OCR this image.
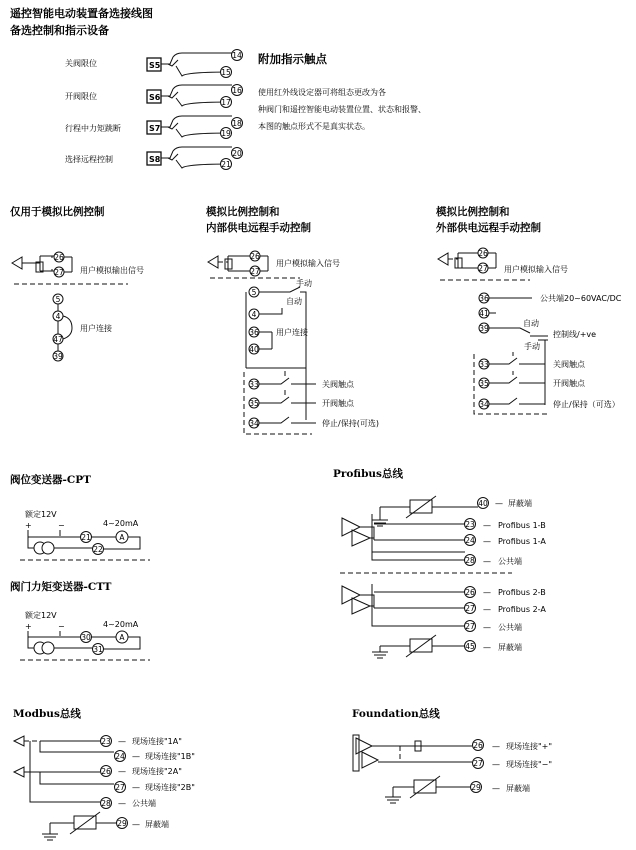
遥控智能电动装置备选接线图
备选控制和指示设备
关阀限位	S5
14
15
开阀限位	S6
16
17
行程中力矩跳断	S7
18
19
选择远程控制	S8
20
21
附加指示触点
使用红外线设定器可将组态更改为各
种阀门和遥控智能电动装置位置、状态和报警、
本图的触点形式不是真实状态。
仅用于模拟比例控制
26
27 用户模拟输出信号
5
4
47
39
用户连接
模拟比例控制和
内部供电远程手动控制
26
27
用户模拟输入信号
5
手动
自动
4
36
40
用户连接
33	关阀触点
35	开阀触点
34	停止/保持(可选)
模拟比例控制和
外部供电远程手动控制
26
27 用户模拟输入信号
36	公共端20~60VAC/DC
41
自动
39
控制线/+ve
手动
33	关阀触点
35	开阀触点
34	停止/保持（可选）
阀位变送器-CPT
额定12V
+	−	4~20mA
21	A
22
阀门力矩变送器-CTT
额定12V
+	−	4~20mA
30	A
31
Profibus总线
40 — 屏蔽端
23 — Profibus 1-B
24 — Profibus 1-A
28 — 公共端
26 — Profibus 2-B
27 — Profibus 2-A
27 — 公共端
45 — 屏蔽端
Modbus总线
23 — 现场连接"1A"
24 — 现场连接"1B"
26 — 现场连接"2A"
27 — 现场连接"2B"
28 — 公共端
29 — 屏蔽端
Foundation总线
26 — 现场连接"+"
27 — 现场连接"−"
29 — 屏蔽端
